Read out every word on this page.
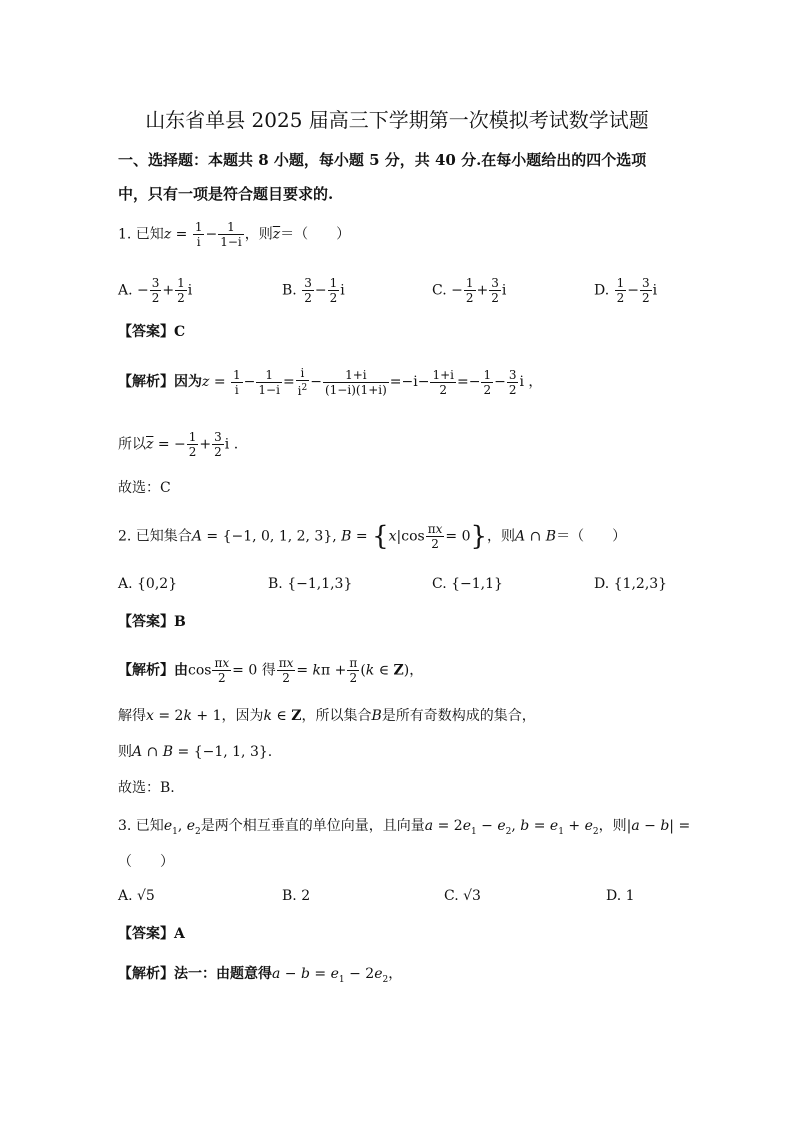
山东省单县 2025 届高三下学期第一次模拟考试数学试题
一、选择题：本题共 8 小题，每小题 5 分，共 40 分.在每小题给出的四个选项
中，只有一项是符合题目要求的.
1. 已知$z = \frac{1}{i} - \frac{1}{1-i}$ ，则$\overline{z}=$（　　）
A. − $\frac{3}{2} + \frac{1}{2}$ i	B. $\frac{3}{2} - \frac{1}{2}$ i	C. − $\frac{1}{2} + \frac{3}{2}$ i	D. $\frac{1}{2} - \frac{3}{2}$ i
【答案】C
【解析】因为$z = \frac{1}{i} - \frac{1}{1-i} = \frac{i}{i^2} - \frac{1+i}{(1-i)(1+i)} =-i- \frac{1+i}{2} =- \frac{1}{2} - \frac{3}{2}$ i ，
所以$\overline{z}$ = − $\frac{1}{2} + \frac{3}{2}$ i .
故选：C
2. 已知集合A = {−1, 0, 1, 2, 3}, $B = \{x|\cos \frac{\pi x}{2} = 0\}$，则A ∩ B＝（　　）
A. {0,2}	B. {−1,1,3}	C. {−1,1}	D. {1,2,3}
【答案】B
【解析】由$\cos \frac{\pi x}{2} = 0$ 得 $\frac{\pi x}{2} = k\pi + \frac{\pi}{2} (k$ ∈ Z)，
解得x = 2k + 1，因为k ∈ Z，所以集合B是所有奇数构成的集合，
则A ∩ B = {−1, 1, 3}.
故选：B.
3. 已知$e_1$, $e_2$是两个相互垂直的单位向量，且向量$a = 2e_1 - e_2$, $b = e_1 + e_2$，则|a − b| =
（　　）
A. √5	B. 2	C. √3	D. 1
【答案】A
【解析】法一：由题意得$a - b = e_1 - 2e_2$，
